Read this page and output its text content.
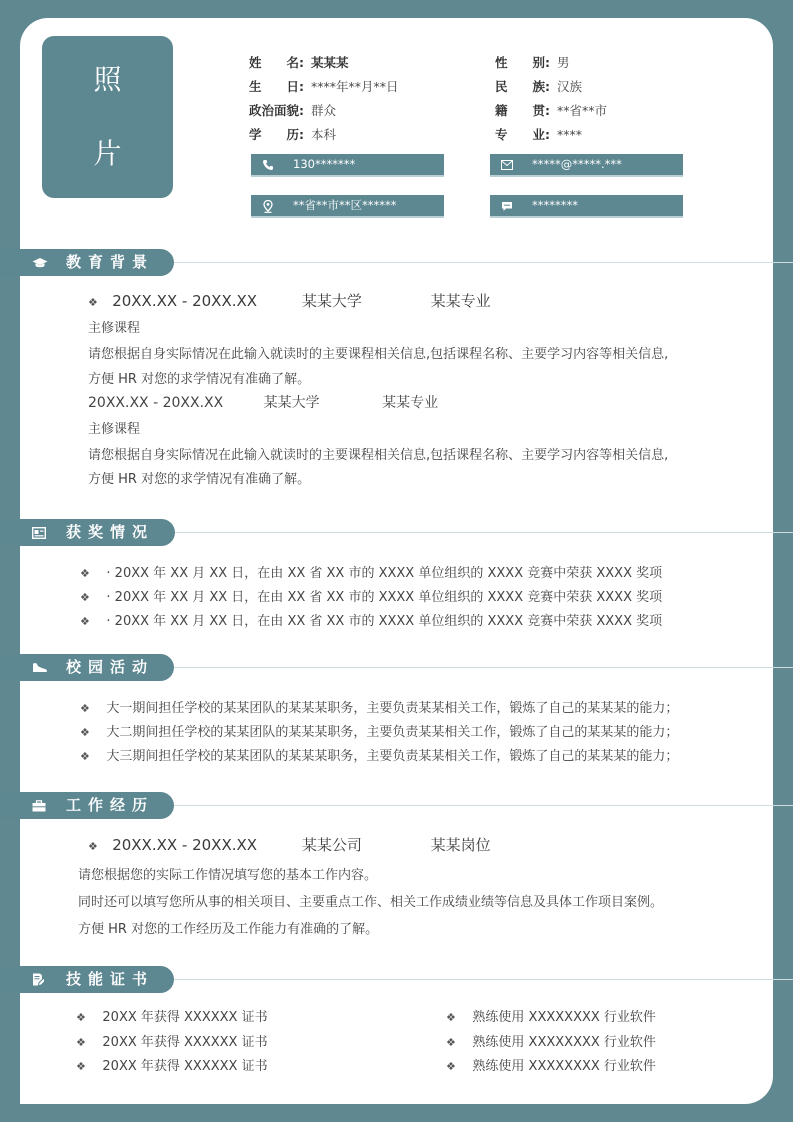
照
片
姓　　名: 某某某
生　　日: ****年**月**日
政治面貌: 群众
学　　历: 本科
性　　别: 男
民　　族: 汉族
籍　　贯: **省**市
专　　业: ****
130*******	*****@*****.***
**省**市**区******	********
教育背景
❖ 20XX.XX - 20XX.XX	某某大学	某某专业
主修课程
请您根据自身实际情况在此输入就读时的主要课程相关信息,包括课程名称、主要学习内容等相关信息,
方便 HR 对您的求学情况有准确了解。
20XX.XX - 20XX.XX	某某大学	某某专业
主修课程
请您根据自身实际情况在此输入就读时的主要课程相关信息,包括课程名称、主要学习内容等相关信息,
方便 HR 对您的求学情况有准确了解。
获奖情况
❖ · 20XX 年 XX 月 XX 日，在由 XX 省 XX 市的 XXXX 单位组织的 XXXX 竞赛中荣获 XXXX 奖项
❖ · 20XX 年 XX 月 XX 日，在由 XX 省 XX 市的 XXXX 单位组织的 XXXX 竞赛中荣获 XXXX 奖项
❖ · 20XX 年 XX 月 XX 日，在由 XX 省 XX 市的 XXXX 单位组织的 XXXX 竞赛中荣获 XXXX 奖项
校园活动
❖ 大一期间担任学校的某某团队的某某某职务，主要负责某某相关工作，锻炼了自己的某某某的能力；
❖ 大二期间担任学校的某某团队的某某某职务，主要负责某某相关工作，锻炼了自己的某某某的能力；
❖ 大三期间担任学校的某某团队的某某某职务，主要负责某某相关工作，锻炼了自己的某某某的能力；
工作经历
❖ 20XX.XX - 20XX.XX	某某公司	某某岗位
请您根据您的实际工作情况填写您的基本工作内容。
同时还可以填写您所从事的相关项目、主要重点工作、相关工作成绩业绩等信息及具体工作项目案例。
方便 HR 对您的工作经历及工作能力有准确的了解。
技能证书
❖ 20XX 年获得 XXXXXX 证书
❖ 20XX 年获得 XXXXXX 证书
❖ 20XX 年获得 XXXXXX 证书
❖ 熟练使用 XXXXXXXX 行业软件
❖ 熟练使用 XXXXXXXX 行业软件
❖ 熟练使用 XXXXXXXX 行业软件
